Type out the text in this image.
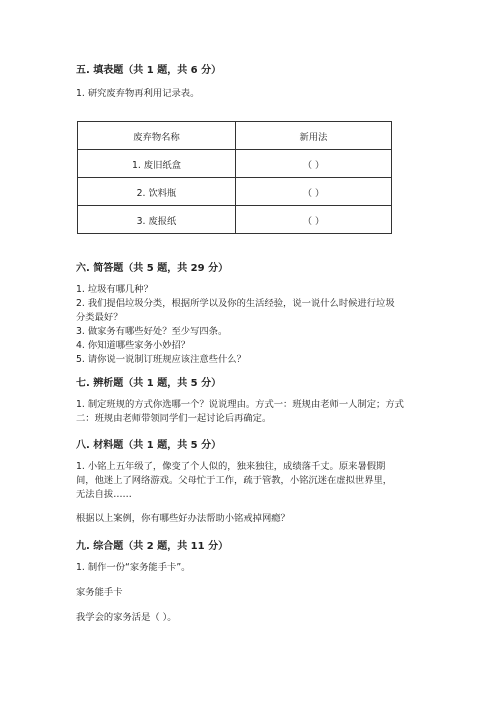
五. 填表题（共 1 题，共 6 分）
1. 研究废弃物再利用记录表。
废弃物名称	新用法
1. 废旧纸盒	（ ）
2. 饮料瓶	（ ）
3. 废报纸	（ ）
六. 简答题（共 5 题，共 29 分）
1. 垃圾有哪几种？
2. 我们提倡垃圾分类，根据所学以及你的生活经验，说一说什么时候进行垃圾
分类最好？
3. 做家务有哪些好处？至少写四条。
4. 你知道哪些家务小妙招？
5. 请你说一说制订班规应该注意些什么？
七. 辨析题（共 1 题，共 5 分）
1. 制定班规的方式你选哪一个？说说理由。方式一：班规由老师一人制定；方式
二：班规由老师带领同学们一起讨论后再确定。
八. 材料题（共 1 题，共 5 分）
1. 小铭上五年级了，像变了个人似的，独来独往，成绩落千丈。原来暑假期
间，他迷上了网络游戏。父母忙于工作，疏于管教，小铭沉迷在虚拟世界里，
无法自拔……
根据以上案例，你有哪些好办法帮助小铭戒掉网瘾？
九. 综合题（共 2 题，共 11 分）
1. 制作一份“家务能手卡”。
家务能手卡
我学会的家务活是（ ）。
